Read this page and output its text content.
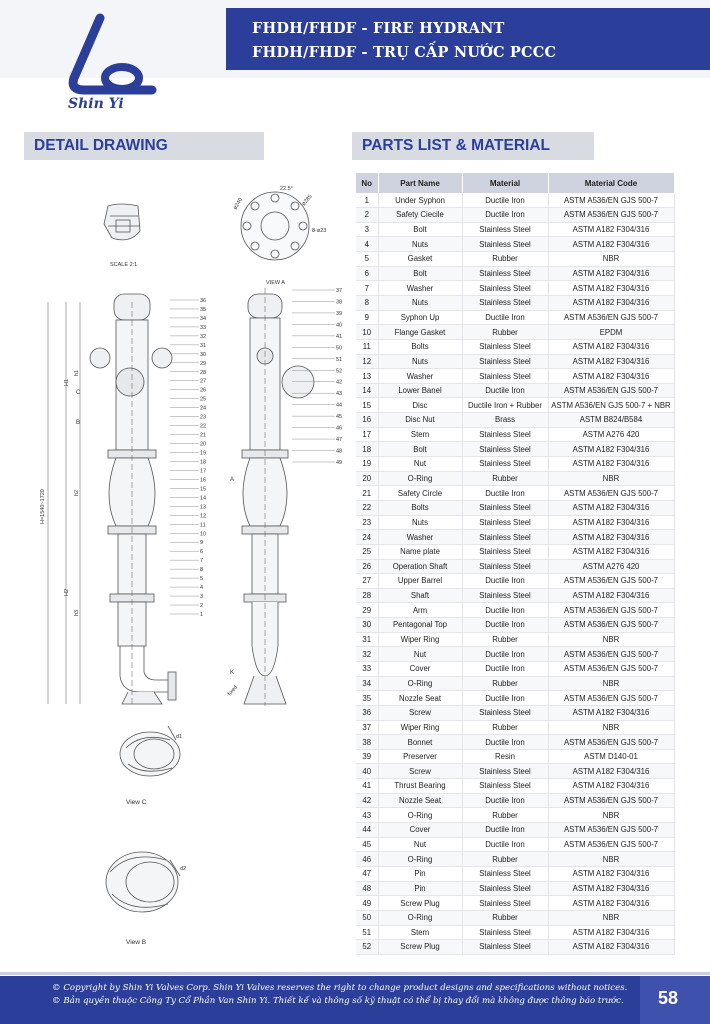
Shin Yi
FHDH/FHDF - FIRE HYDRANT
FHDH/FHDF - TRỤ CẤP NƯỚC PCCC
DETAIL DRAWING	PARTS LIST & MATERIAL
SCALE 2:1
22.5°
ø240	ø285
8-ø23
VIEW A
H1
H2
H=1540~1720
h1
h2
h3
C
B
A
K
fixed
36
35
34
33
32
31
30
29
28
27
26
25
24
23
22
21
20
19
18
17
16
15
14
13
12
11
10
9
6
7
8
5
4
3
2
1
37
38
39
40
41
50
51
52
42
43
44
45
46
47
48
49
d1
View C
d2
View B
No	Part Name	Material	Material Code
1	Under Syphon	Ductile Iron	ASTM A536/EN GJS 500-7
2	Safety Ciecile	Ductile Iron	ASTM A536/EN GJS 500-7
3	Bolt	Stainless Steel	ASTM A182 F304/316
4	Nuts	Stainless Steel	ASTM A182 F304/316
5	Gasket	Rubber	NBR
6	Bolt	Stainless Steel	ASTM A182 F304/316
7	Washer	Stainless Steel	ASTM A182 F304/316
8	Nuts	Stainless Steel	ASTM A182 F304/316
9	Syphon Up	Ductile Iron	ASTM A536/EN GJS 500-7
10	Flange Gasket	Rubber	EPDM
11	Bolts	Stainless Steel	ASTM A182 F304/316
12	Nuts	Stainless Steel	ASTM A182 F304/316
13	Washer	Stainless Steel	ASTM A182 F304/316
14	Lower Banel	Ductile Iron	ASTM A536/EN GJS 500-7
15	Disc	Ductile Iron + Rubber	ASTM A536/EN GJS 500-7 + NBR
16	Disc Nut	Brass	ASTM B824/B584
17	Stem	Stainless Steel	ASTM A276 420
18	Bolt	Stainless Steel	ASTM A182 F304/316
19	Nut	Stainless Steel	ASTM A182 F304/316
20	O-Ring	Rubber	NBR
21	Safety Circle	Ductile Iron	ASTM A536/EN GJS 500-7
22	Bolts	Stainless Steel	ASTM A182 F304/316
23	Nuts	Stainless Steel	ASTM A182 F304/316
24	Washer	Stainless Steel	ASTM A182 F304/316
25	Name plate	Stainless Steel	ASTM A182 F304/316
26	Operation Shaft	Stainless Steel	ASTM A276 420
27	Upper Barrel	Ductile Iron	ASTM A536/EN GJS 500-7
28	Shaft	Stainless Steel	ASTM A182 F304/316
29	Arm	Ductile Iron	ASTM A536/EN GJS 500-7
30	Pentagonal Top	Ductile Iron	ASTM A536/EN GJS 500-7
31	Wiper Ring	Rubber	NBR
32	Nut	Ductile Iron	ASTM A536/EN GJS 500-7
33	Cover	Ductile Iron	ASTM A536/EN GJS 500-7
34	O-Ring	Rubber	NBR
35	Nozzle Seat	Ductile Iron	ASTM A536/EN GJS 500-7
36	Screw	Stainless Steel	ASTM A182 F304/316
37	Wiper Ring	Rubber	NBR
38	Bonnet	Ductile Iron	ASTM A536/EN GJS 500-7
39	Preserver	Resin	ASTM D140-01
40	Screw	Stainless Steel	ASTM A182 F304/316
41	Thrust Bearing	Stainless Steel	ASTM A182 F304/316
42	Nozzle Seat	Ductile Iron	ASTM A536/EN GJS 500-7
43	O-Ring	Rubber	NBR
44	Cover	Ductile Iron	ASTM A536/EN GJS 500-7
45	Nut	Ductile Iron	ASTM A536/EN GJS 500-7
46	O-Ring	Rubber	NBR
47	Pin	Stainless Steel	ASTM A182 F304/316
48	Pin	Stainless Steel	ASTM A182 F304/316
49	Screw Plug	Stainless Steel	ASTM A182 F304/316
50	O-Ring	Rubber	NBR
51	Stem	Stainless Steel	ASTM A182 F304/316
52	Screw Plug	Stainless Steel	ASTM A182 F304/316
© Copyright by Shin Yi Valves Corp. Shin Yi Valves reserves the right to change product designs and specifications without notices.
© Bản quyền thuộc Công Ty Cổ Phần Van Shin Yi. Thiết kế và thông số kỹ thuật có thể bị thay đổi mà không được thông báo trước. 58
